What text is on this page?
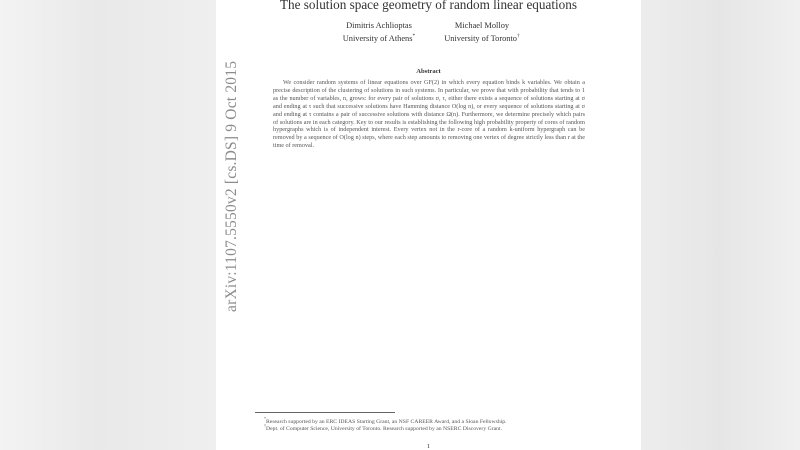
The solution space geometry of random linear equations
Dimitris Achlioptas
University of Athens*
Michael Molloy
University of Toronto†
Abstract

We consider random systems of linear equations over GF(2) in which every equation binds k variables. We obtain a precise description of the clustering of solutions in such systems. In particular, we prove that with probability that tends to 1 as the number of variables, n, grows: for every pair of solutions σ, τ, either there exists a sequence of solutions starting at σ and ending at τ such that successive solutions have Hamming distance O(log n), or every sequence of solutions starting at σ and ending at τ contains a pair of successive solutions with distance Ω(n). Furthermore, we determine precisely which pairs of solutions are in each category. Key to our results is establishing the following high probability property of cores of random hypergraphs which is of independent interest. Every vertex not in the r-core of a random k-uniform hypergraph can be removed by a sequence of O(log n) steps, where each step amounts to removing one vertex of degree strictly less than r at the time of removal.

*Research supported by an ERC IDEAS Starting Grant, an NSF CAREER Award, and a Sloan Fellowship.
†Dept. of Computer Science, University of Toronto. Research supported by an NSERC Discovery Grant.
1
arXiv:1107.5550v2 [cs.DS] 9 Oct 2015
